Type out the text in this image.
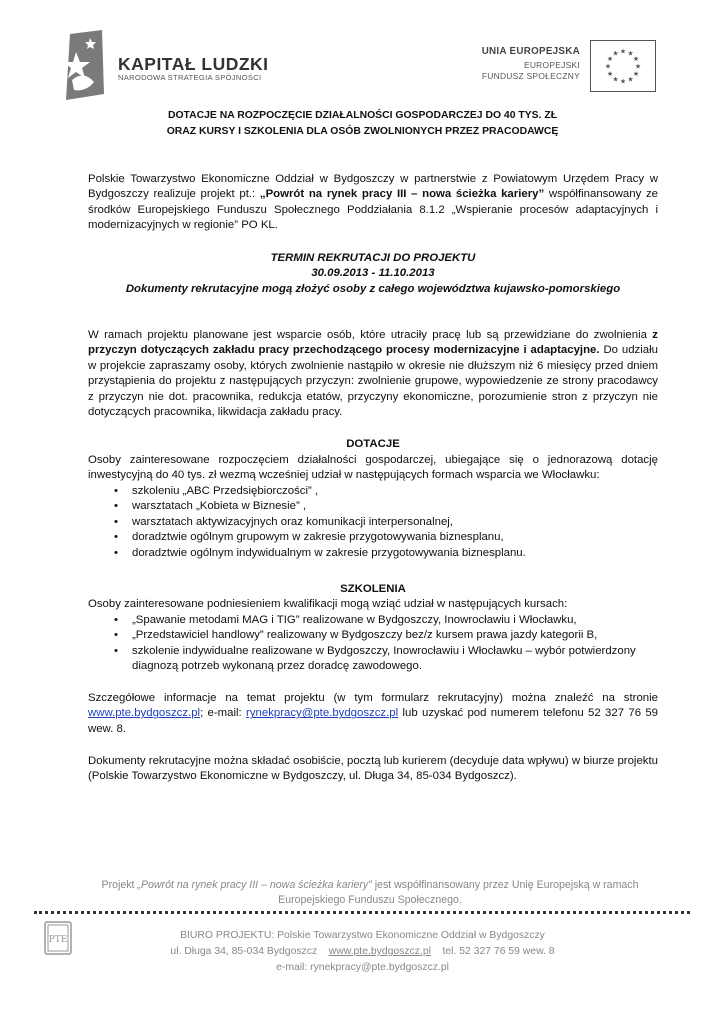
KAPITAŁ LUDZKI
NARODOWA STRATEGIA SPÓJNOŚCI
UNIA EUROPEJSKA
EUROPEJSKI
FUNDUSZ SPOŁECZNY
★ ★
★
★
★
★
★
★
★
★
★
★
DOTACJE NA ROZPOCZĘCIE DZIAŁALNOŚCI GOSPODARCZEJ DO 40 TYS. ZŁ
ORAZ KURSY I SZKOLENIA DLA OSÓB ZWOLNIONYCH PRZEZ PRACODAWCĘ
Polskie Towarzystwo Ekonomiczne Oddział w Bydgoszczy w partnerstwie z Powiatowym Urzędem Pracy w Bydgoszczy realizuje projekt pt.: „Powrót na rynek pracy III – nowa ścieżka kariery” współfinansowany ze środków Europejskiego Funduszu Społecznego Poddziałania 8.1.2 „Wspieranie procesów adaptacyjnych i modernizacyjnych w regionie” PO KL.
TERMIN REKRUTACJI DO PROJEKTU
30.09.2013 - 11.10.2013
Dokumenty rekrutacyjne mogą złożyć osoby z całego województwa kujawsko-pomorskiego
W ramach projektu planowane jest wsparcie osób, które utraciły pracę lub są przewidziane do zwolnienia z przyczyn dotyczących zakładu pracy przechodzącego procesy modernizacyjne i adaptacyjne. Do udziału w projekcie zapraszamy osoby, których zwolnienie nastąpiło w okresie nie dłuższym niż 6 miesięcy przed dniem przystąpienia do projektu z następujących przyczyn: zwolnienie grupowe, wypowiedzenie ze strony pracodawcy z przyczyn nie dot. pracownika, redukcja etatów, przyczyny ekonomiczne, porozumienie stron z przyczyn nie dotyczących pracownika, likwidacja zakładu pracy.
DOTACJE
Osoby zainteresowane rozpoczęciem działalności gospodarczej, ubiegające się o jednorazową dotację inwestycyjną do 40 tys. zł wezmą wcześniej udział w następujących formach wsparcia we Włocławku:
• szkoleniu „ABC Przedsiębiorczości” ,
• warsztatach „Kobieta w Biznesie” ,
• warsztatach aktywizacyjnych oraz komunikacji interpersonalnej,
• doradztwie ogólnym grupowym w zakresie przygotowywania biznesplanu,
• doradztwie ogólnym indywidualnym w zakresie przygotowywania biznesplanu.
SZKOLENIA
Osoby zainteresowane podniesieniem kwalifikacji mogą wziąć udział w następujących kursach:
• „Spawanie metodami MAG i TIG” realizowane w Bydgoszczy, Inowrocławiu i Włocławku,
• „Przedstawiciel handlowy” realizowany w Bydgoszczy bez/z kursem prawa jazdy kategorii B,
• szkolenie indywidualne realizowane w Bydgoszczy, Inowrocławiu i Włocławku – wybór potwierdzony diagnozą potrzeb wykonaną przez doradcę zawodowego.
Szczegółowe informacje na temat projektu (w tym formularz rekrutacyjny) można znaleźć na stronie www.pte.bydgoszcz.pl; e-mail: rynekpracy@pte.bydgoszcz.pl lub uzyskać pod numerem telefonu 52 327 76 59 wew. 8.
Dokumenty rekrutacyjne można składać osobiście, pocztą lub kurierem (decyduje data wpływu) w biurze projektu (Polskie Towarzystwo Ekonomiczne w Bydgoszczy, ul. Długa 34, 85-034 Bydgoszcz).
Projekt „Powrót na rynek pracy III – nowa ścieżka kariery” jest współfinansowany przez Unię Europejską w ramach Europejskiego Funduszu Społecznego.
PTE	BIURO PROJEKTU: Polskie Towarzystwo Ekonomiczne Oddział w Bydgoszczy
ul. Długa 34, 85-034 Bydgoszcz www.pte.bydgoszcz.pl tel. 52 327 76 59 wew. 8
e-mail: rynekpracy@pte.bydgoszcz.pl
